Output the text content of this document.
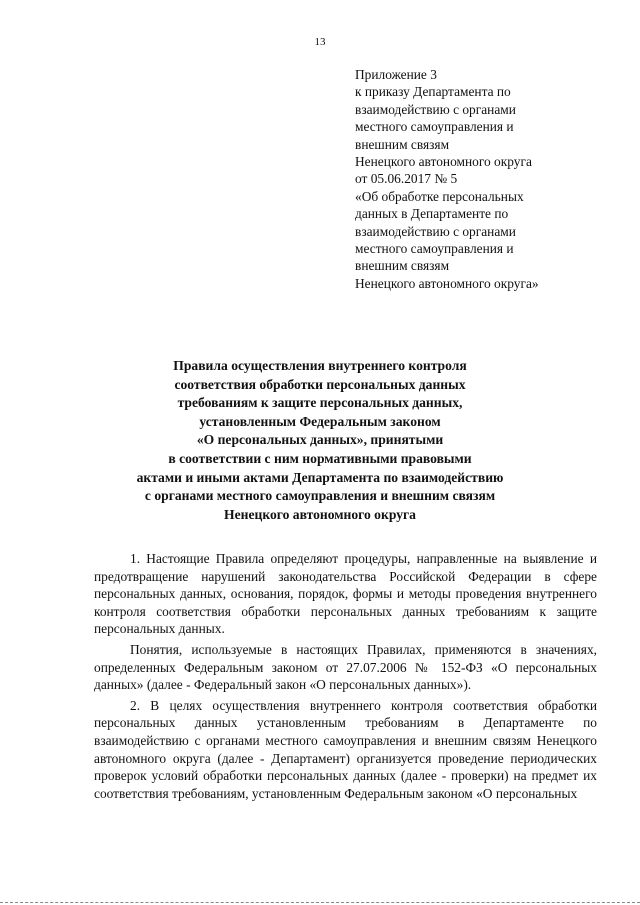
13
Приложение 3
к приказу Департамента по
взаимодействию с органами
местного самоуправления и
внешним связям
Ненецкого автономного округа
от 05.06.2017 № 5
«Об обработке персональных
данных в Департаменте по
взаимодействию с органами
местного самоуправления и
внешним связям
Ненецкого автономного округа»
Правила осуществления внутреннего контроля
соответствия обработки персональных данных
требованиям к защите персональных данных,
установленным Федеральным законом
«О персональных данных», принятыми
в соответствии с ним нормативными правовыми
актами и иными актами Департамента по взаимодействию
с органами местного самоуправления и внешним связям
Ненецкого автономного округа

1. Настоящие Правила определяют процедуры, направленные на выявление и предотвращение нарушений законодательства Российской Федерации в сфере персональных данных, основания, порядок, формы и методы проведения внутреннего контроля соответствия обработки персональных данных требованиям к защите персональных данных.

Понятия, используемые в настоящих Правилах, применяются в значениях, определенных Федеральным законом от 27.07.2006 № 152-ФЗ «О персональных данных» (далее - Федеральный закон «О персональных данных»).

2. В целях осуществления внутреннего контроля соответствия обработки персональных данных установленным требованиям в Департаменте по взаимодействию с органами местного самоуправления и внешним связям Ненецкого автономного округа (далее - Департамент) организуется проведение периодических проверок условий обработки персональных данных (далее - проверки) на предмет их соответствия требованиям, установленным Федеральным законом «О персональных
